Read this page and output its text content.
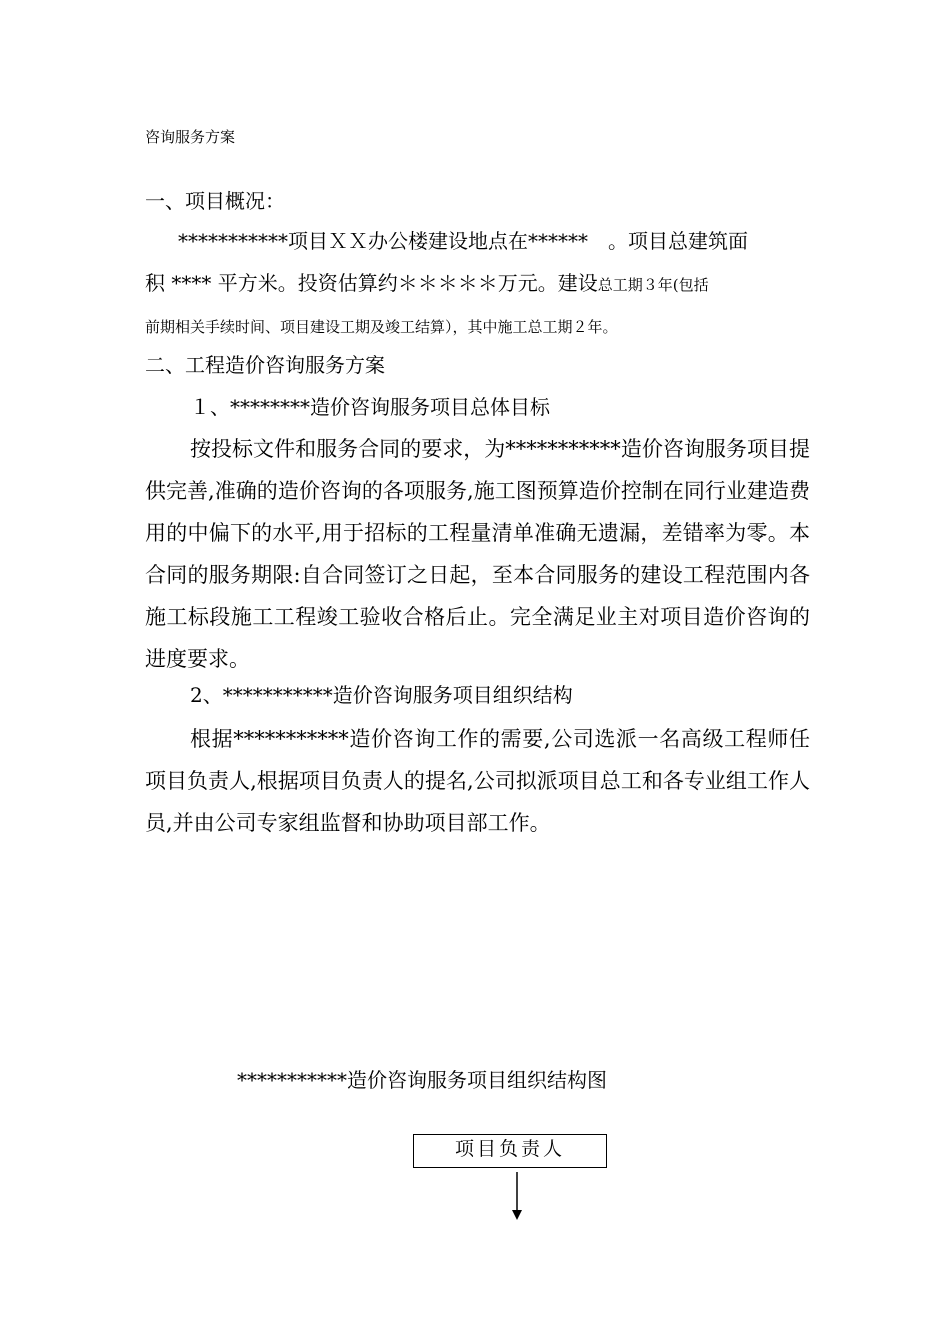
咨询服务方案
一、项目概况：
***********项目ＸＸ办公楼建设地点在******　。项目总建筑面
积 **** 平方米。投资估算约＊＊＊＊＊万元。建设总工期３年(包括
前期相关手续时间、项目建设工期及竣工结算），其中施工总工期２年。
二、工程造价咨询服务方案
１、********造价咨询服务项目总体目标

按投标文件和服务合同的要求，为***********造价咨询服务项目提供完善,准确的造价咨询的各项服务,施工图预算造价控制在同行业建造费用的中偏下的水平,用于招标的工程量清单准确无遗漏，差错率为零。本合同的服务期限:自合同签订之日起，至本合同服务的建设工程范围内各施工标段施工工程竣工验收合格后止。完全满足业主对项目造价咨询的进度要求。

2、***********造价咨询服务项目组织结构

根据***********造价咨询工作的需要,公司选派一名高级工程师任项目负责人,根据项目负责人的提名,公司拟派项目总工和各专业组工作人员,并由公司专家组监督和协助项目部工作。

***********造价咨询服务项目组织结构图
项目负责人
